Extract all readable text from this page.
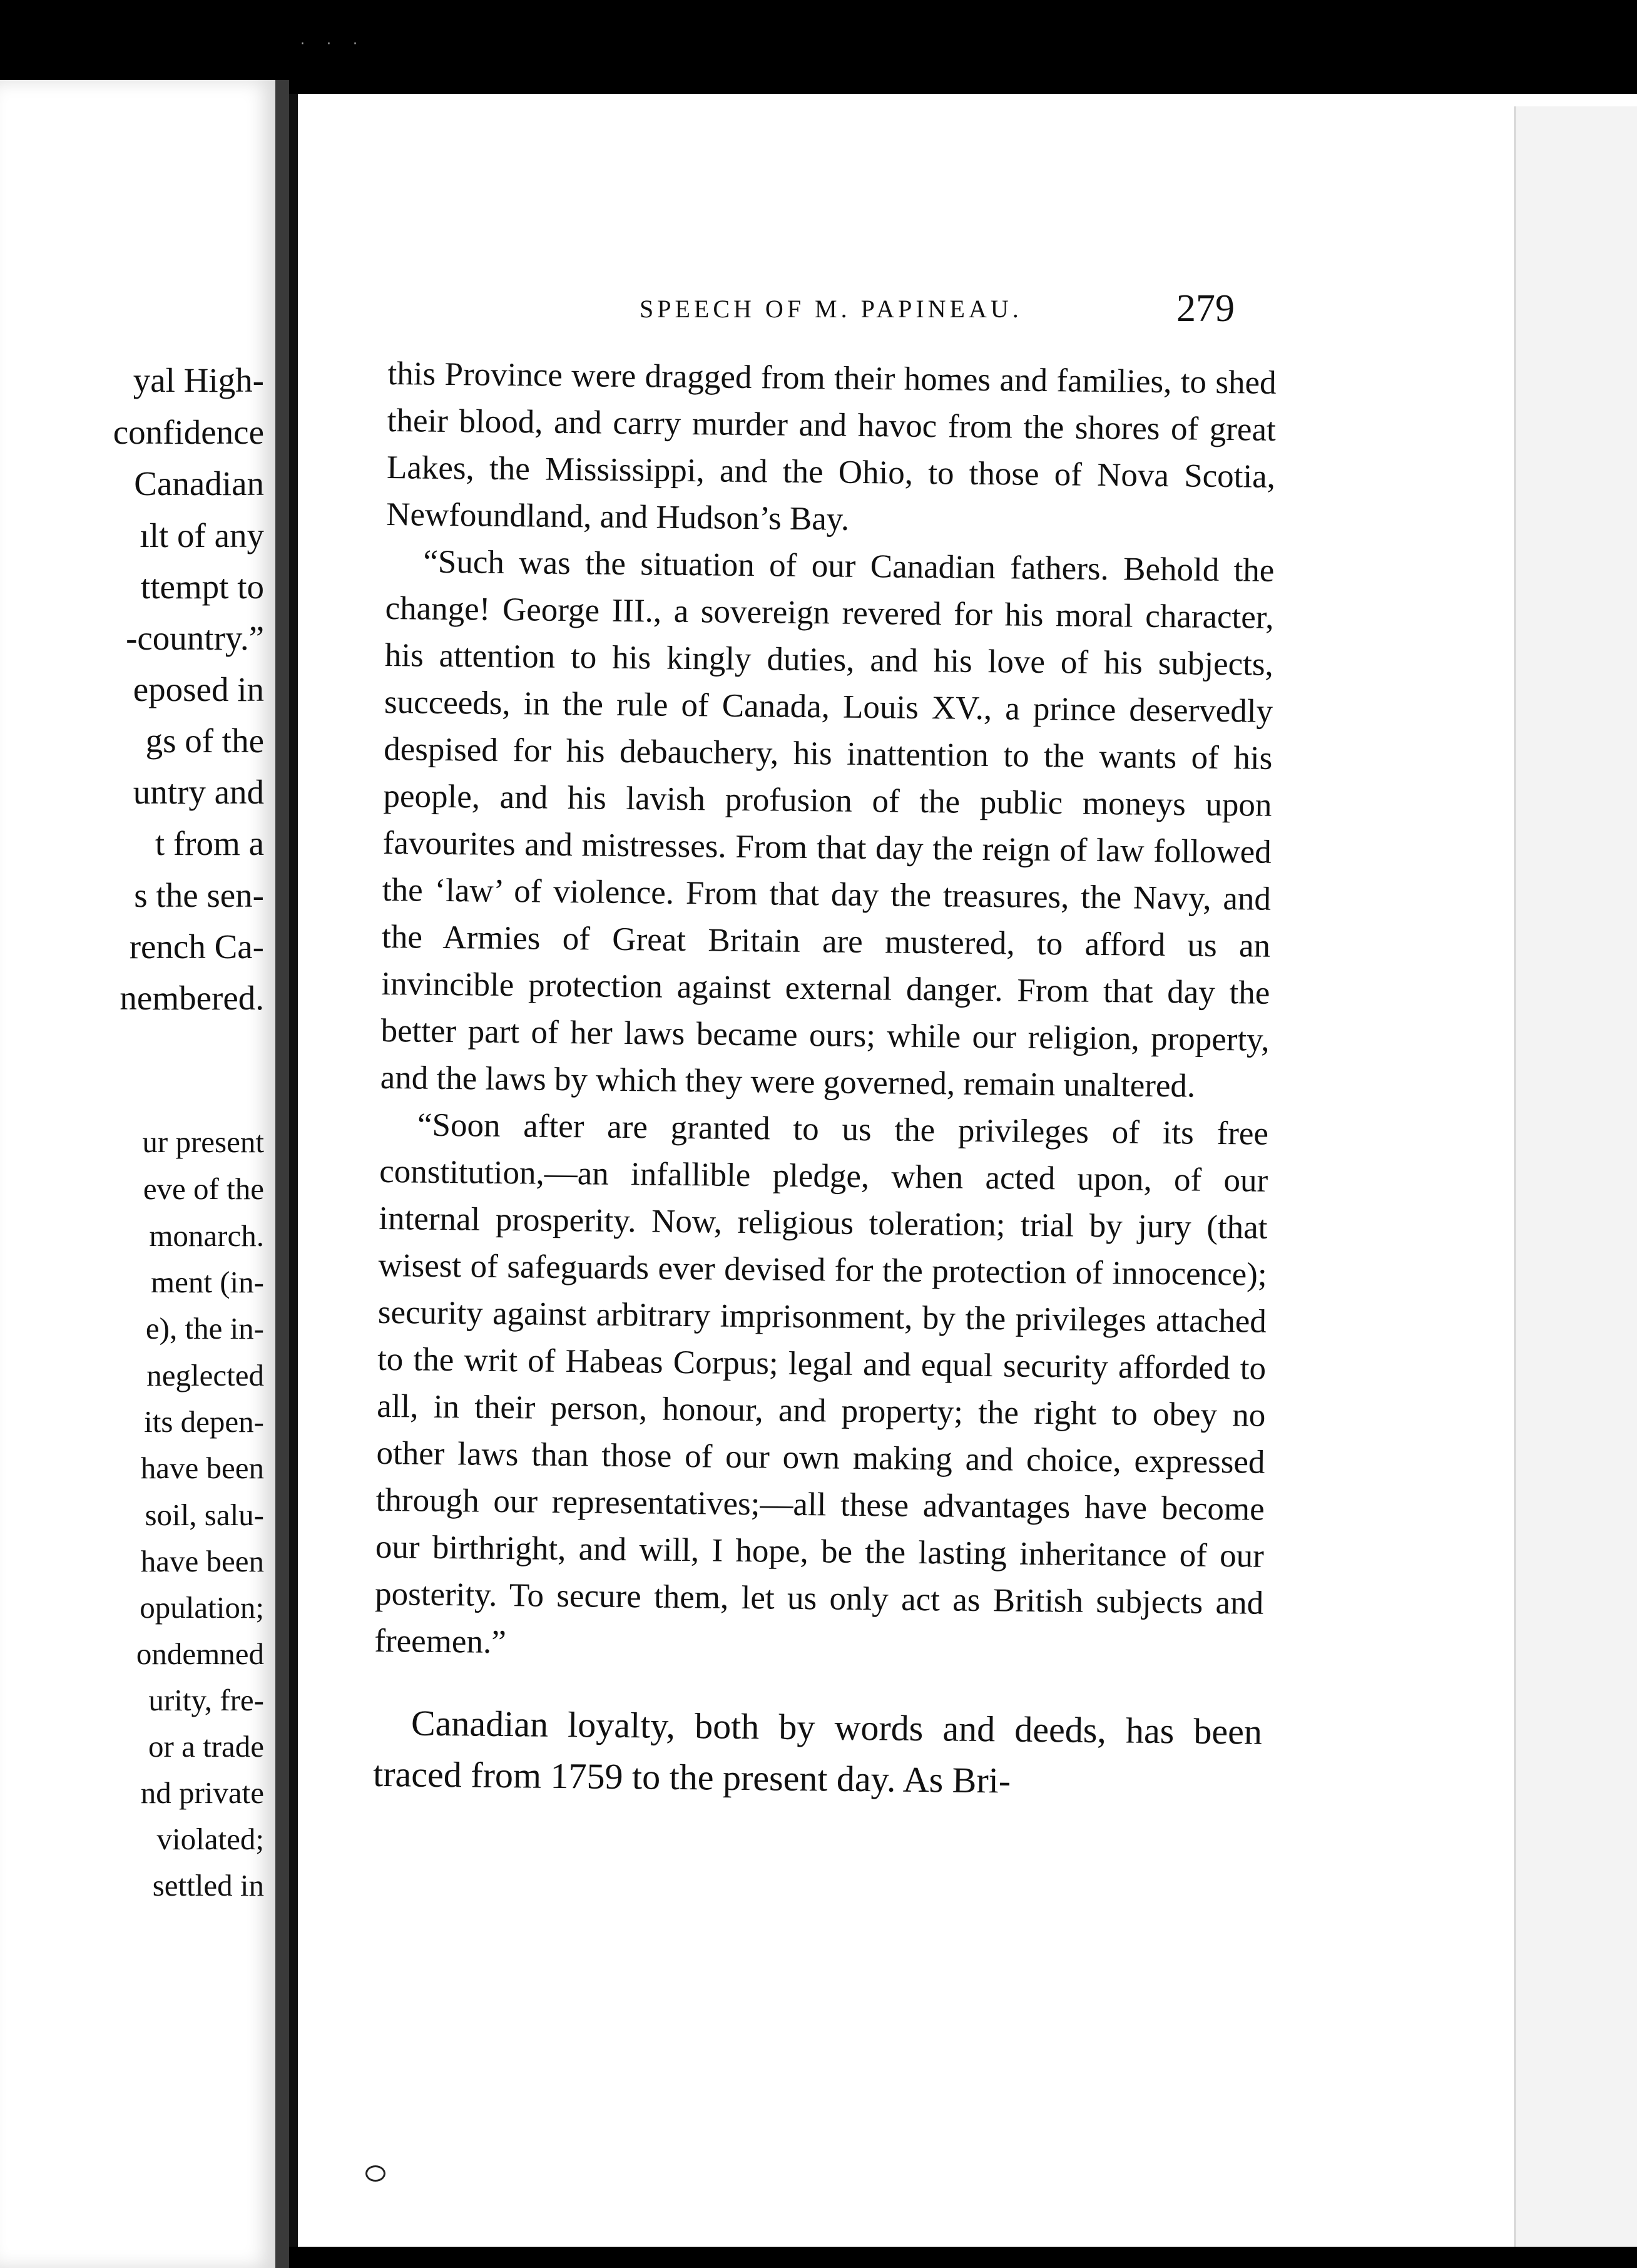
· · ·
yal High-
confidence
Canadian
ılt of any
ttempt to
-country.”
eposed in
gs of the
untry and
t from a
s the sen-
rench Ca-
nembered.
ur present
eve of the
monarch.
ment (in-
e), the in-
neglected
its depen-
have been
soil, salu-
have been
opulation;
ondemned
urity, fre-
or a trade
nd private
violated;
settled in
SPEECH OF M. PAPINEAU.	279

this Province were dragged from their homes and families, to shed their blood, and carry murder and havoc from the shores of great Lakes, the Mississippi, and the Ohio, to those of Nova Scotia, Newfoundland, and Hudson’s Bay.

“Such was the situation of our Canadian fathers. Behold the change! George III., a sovereign revered for his moral character, his attention to his kingly duties, and his love of his subjects, succeeds, in the rule of Canada, Louis XV., a prince deservedly despised for his debauchery, his inattention to the wants of his people, and his lavish profusion of the public moneys upon favourites and mistresses. From that day the reign of law followed the ‘law’ of violence. From that day the treasures, the Navy, and the Armies of Great Britain are mustered, to afford us an invincible protection against external danger. From that day the better part of her laws became ours; while our religion, property, and the laws by which they were governed, remain unaltered.

“Soon after are granted to us the privileges of its free constitution,—an infallible pledge, when acted upon, of our internal prosperity. Now, religious toleration; trial by jury (that wisest of safeguards ever devised for the protection of innocence); security against arbitrary imprisonment, by the privileges attached to the writ of Habeas Corpus; legal and equal security afforded to all, in their person, honour, and property; the right to obey no other laws than those of our own making and choice, expressed through our representatives;—all these advantages have become our birthright, and will, I hope, be the lasting inheritance of our posterity. To secure them, let us only act as British subjects and freemen.”

Canadian loyalty, both by words and deeds, has been traced from 1759 to the present day. As Bri-
